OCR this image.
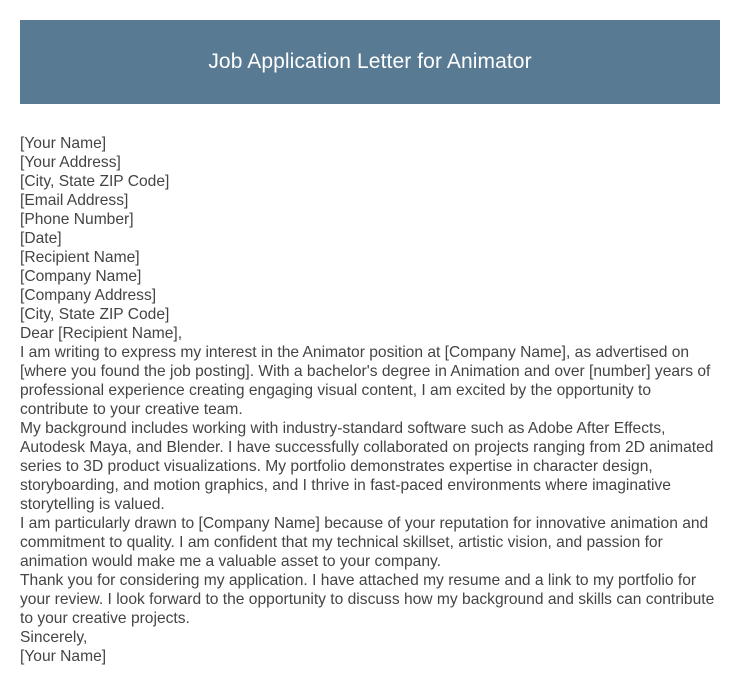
Job Application Letter for Animator
[Your Name]
[Your Address]
[City, State ZIP Code]
[Email Address]
[Phone Number]
[Date]
[Recipient Name]
[Company Name]
[Company Address]
[City, State ZIP Code]
Dear [Recipient Name],
I am writing to express my interest in the Animator position at [Company Name], as advertised on [where you found the job posting]. With a bachelor's degree in Animation and over [number] years of professional experience creating engaging visual content, I am excited by the opportunity to contribute to your creative team.
My background includes working with industry-standard software such as Adobe After Effects, Autodesk Maya, and Blender. I have successfully collaborated on projects ranging from 2D animated series to 3D product visualizations. My portfolio demonstrates expertise in character design, storyboarding, and motion graphics, and I thrive in fast-paced environments where imaginative storytelling is valued.
I am particularly drawn to [Company Name] because of your reputation for innovative animation and commitment to quality. I am confident that my technical skillset, artistic vision, and passion for animation would make me a valuable asset to your company.
Thank you for considering my application. I have attached my resume and a link to my portfolio for your review. I look forward to the opportunity to discuss how my background and skills can contribute to your creative projects.
Sincerely,
[Your Name]
